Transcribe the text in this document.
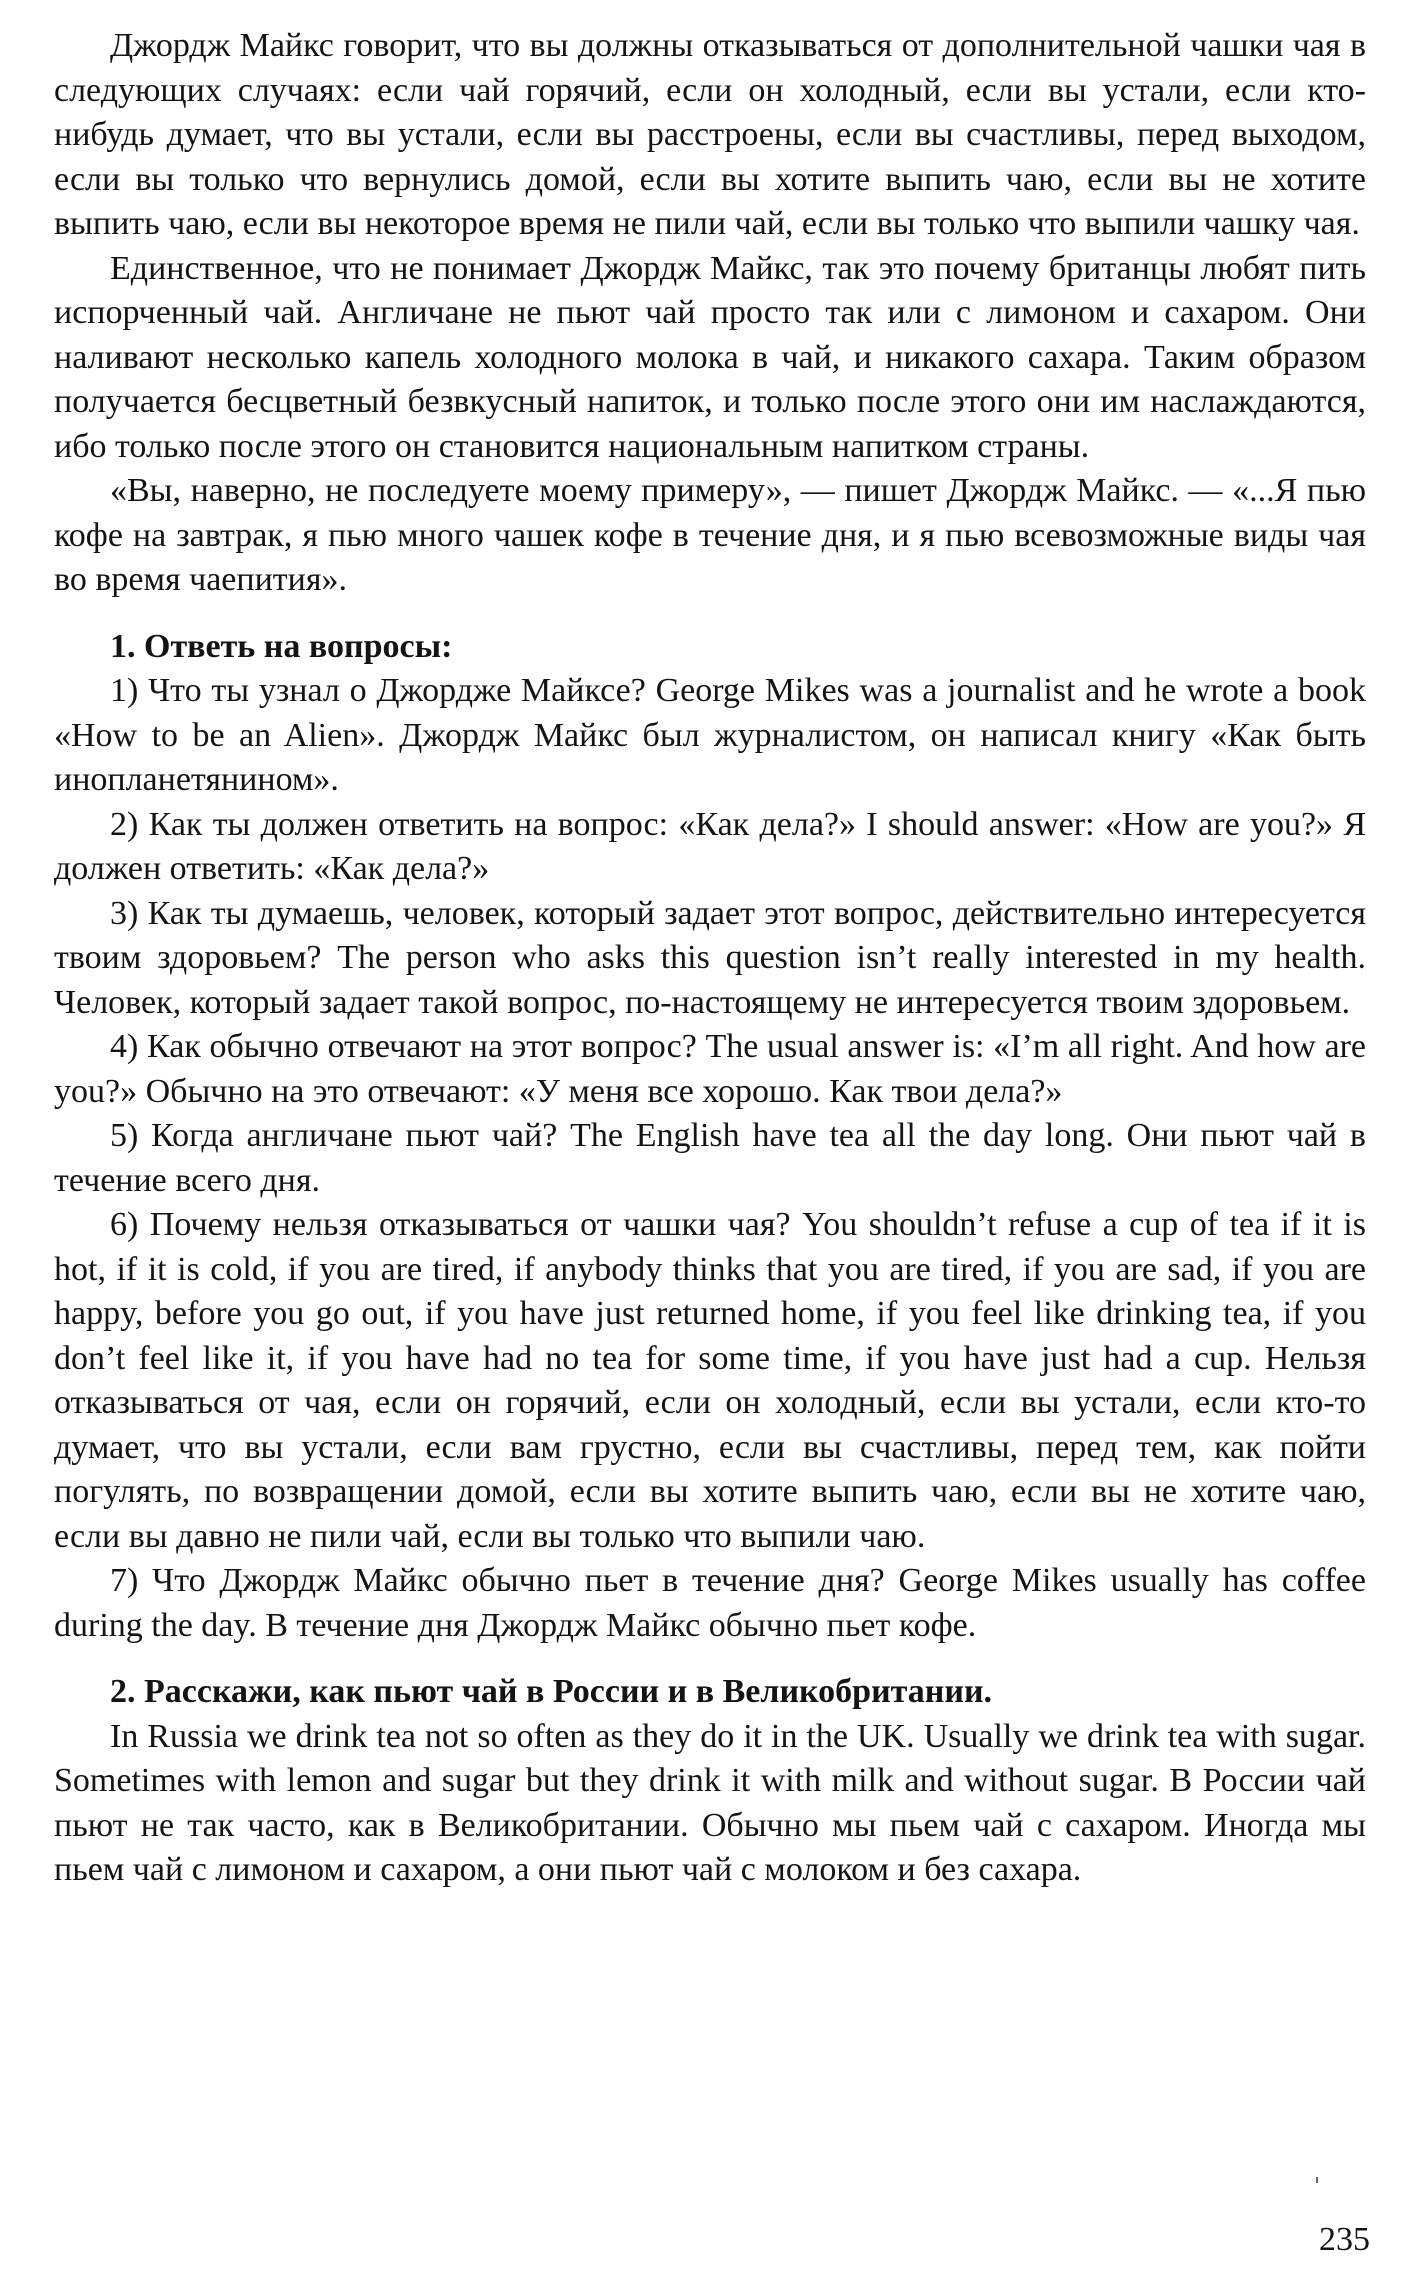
Джордж Майкс говорит, что вы должны отказываться от дополнительной чашки чая в следующих случаях: если чай горячий, если он холодный, если вы устали, если кто-нибудь думает, что вы устали, если вы расстроены, если вы счастливы, перед выходом, если вы только что вернулись домой, если вы хотите выпить чаю, если вы не хотите выпить чаю, если вы некоторое время не пили чай, если вы только что выпили чашку чая.

Единственное, что не понимает Джордж Майкс, так это почему британцы любят пить испорченный чай. Англичане не пьют чай просто так или с лимоном и сахаром. Они наливают несколько капель холодного молока в чай, и никакого сахара. Таким образом получается бесцветный безвкусный напиток, и только после этого они им наслаждаются, ибо только после этого он становится национальным напитком страны.

«Вы, наверно, не последуете моему примеру», — пишет Джордж Майкс. — «...Я пью кофе на завтрак, я пью много чашек кофе в течение дня, и я пью всевозможные виды чая во время чаепития».

1. Ответь на вопросы:

1) Что ты узнал о Джордже Майксе? George Mikes was a journalist and he wrote a book «How to be an Alien». Джордж Майкс был журналистом, он написал книгу «Как быть инопланетянином».

2) Как ты должен ответить на вопрос: «Как дела?» I should answer: «How are you?» Я должен ответить: «Как дела?»

3) Как ты думаешь, человек, который задает этот вопрос, действительно интересуется твоим здоровьем? The person who asks this question isn’t really interested in my health. Человек, который задает такой вопрос, по-настоящему не интересуется твоим здоровьем.

4) Как обычно отвечают на этот вопрос? The usual answer is: «I’m all right. And how are you?» Обычно на это отвечают: «У меня все хорошо. Как твои дела?»

5) Когда англичане пьют чай? The English have tea all the day long. Они пьют чай в течение всего дня.

6) Почему нельзя отказываться от чашки чая? You shouldn’t refuse a cup of tea if it is hot, if it is cold, if you are tired, if anybody thinks that you are tired, if you are sad, if you are happy, before you go out, if you have just returned home, if you feel like drinking tea, if you don’t feel like it, if you have had no tea for some time, if you have just had a cup. Нельзя отказываться от чая, если он горячий, если он холодный, если вы устали, если кто-то думает, что вы устали, если вам грустно, если вы счастливы, перед тем, как пойти погулять, по возвращении домой, если вы хотите выпить чаю, если вы не хотите чаю, если вы давно не пили чай, если вы только что выпили чаю.

7) Что Джордж Майкс обычно пьет в течение дня? George Mikes usually has coffee during the day. В течение дня Джордж Майкс обычно пьет кофе.

2. Расскажи, как пьют чай в России и в Великобритании.

In Russia we drink tea not so often as they do it in the UK. Usually we drink tea with sugar. Sometimes with lemon and sugar but they drink it with milk and without sugar. В России чай пьют не так часто, как в Великобритании. Обычно мы пьем чай с сахаром. Иногда мы пьем чай с лимоном и сахаром, а они пьют чай с молоком и без сахара.

235
